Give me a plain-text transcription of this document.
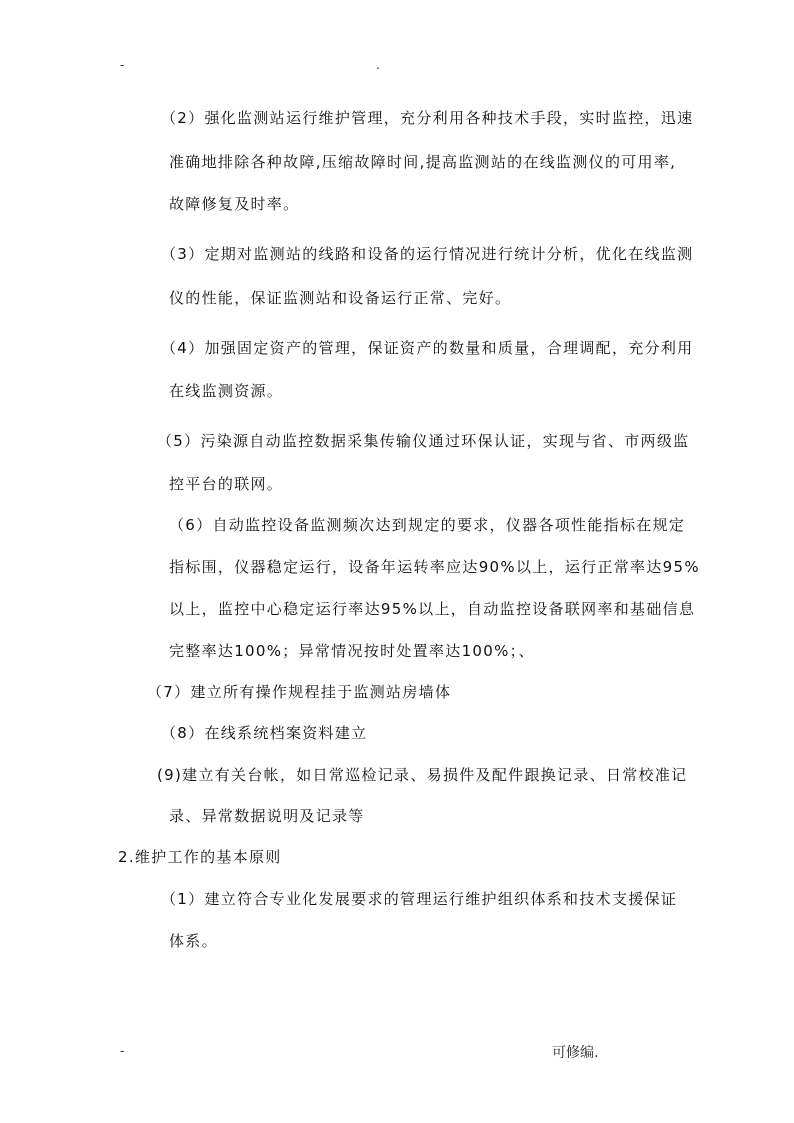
-	.
（2）强化监测站运行维护管理，充分利用各种技术手段，实时监控，迅速
准确地排除各种故障,压缩故障时间,提高监测站的在线监测仪的可用率,
故障修复及时率。
（3）定期对监测站的线路和设备的运行情况进行统计分析，优化在线监测
仪的性能，保证监测站和设备运行正常、完好。
（4）加强固定资产的管理，保证资产的数量和质量，合理调配，充分利用
在线监测资源。
（5）污染源自动监控数据采集传输仪通过环保认证，实现与省、市两级监
控平台的联网。
（6）自动监控设备监测频次达到规定的要求，仪器各项性能指标在规定
指标围，仪器稳定运行，设备年运转率应达90%以上，运行正常率达95%
以上，监控中心稳定运行率达95%以上，自动监控设备联网率和基础信息
完整率达100%；异常情况按时处置率达100%；、
（7）建立所有操作规程挂于监测站房墙体
（8）在线系统档案资料建立
(9)建立有关台帐，如日常巡检记录、易损件及配件跟换记录、日常校准记
录、异常数据说明及记录等
2.维护工作的基本原则
（1）建立符合专业化发展要求的管理运行维护组织体系和技术支援保证
体系。
-	可修编.
